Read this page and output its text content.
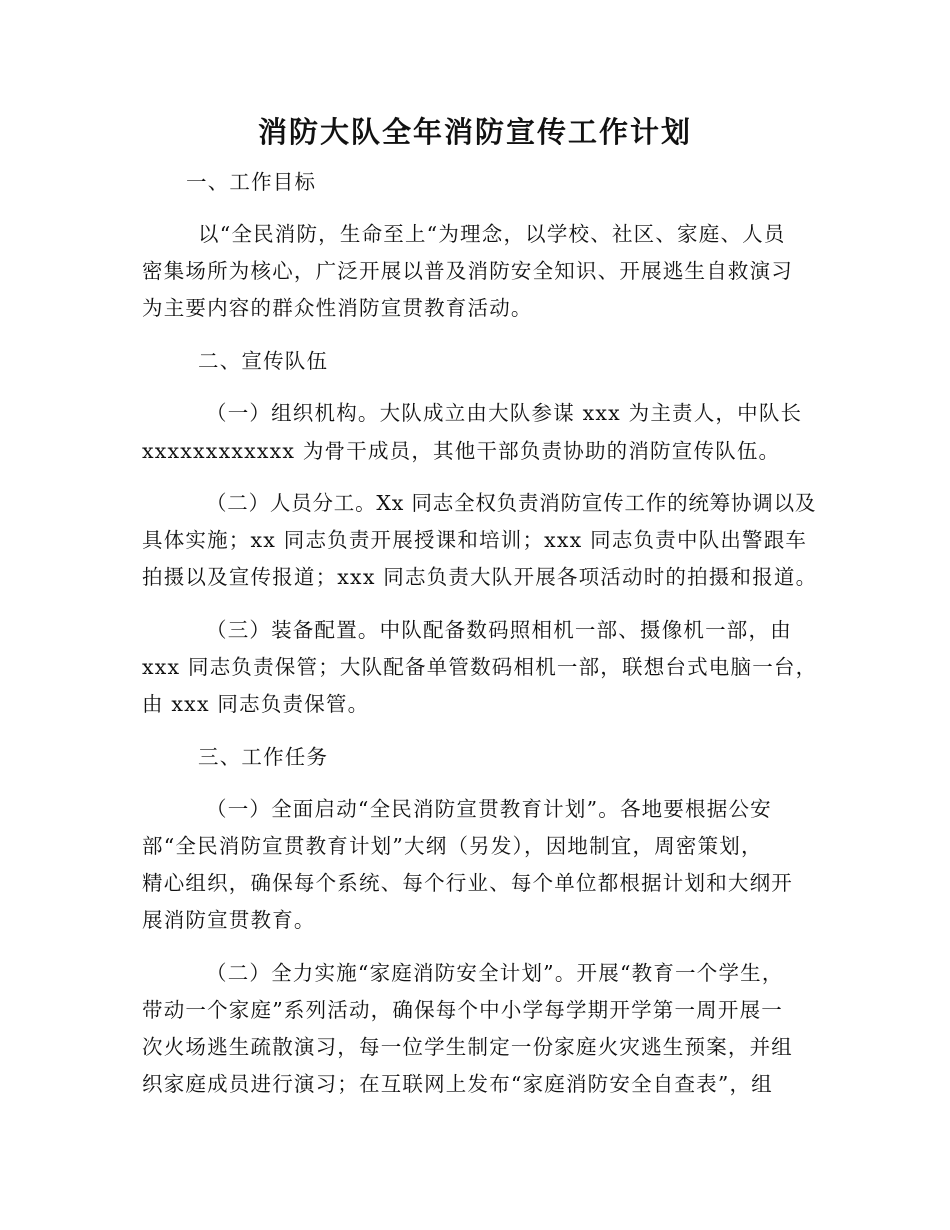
消防大队全年消防宣传工作计划
一、工作目标
以“全民消防，生命至上“为理念，以学校、社区、家庭、人员
密集场所为核心，广泛开展以普及消防安全知识、开展逃生自救演习
为主要内容的群众性消防宣贯教育活动。
二、宣传队伍
（一）组织机构。大队成立由大队参谋 xxx 为主责人，中队长
xxxxxxxxxxxx 为骨干成员，其他干部负责协助的消防宣传队伍。
（二）人员分工。Xx 同志全权负责消防宣传工作的统筹协调以及
具体实施；xx 同志负责开展授课和培训；xxx 同志负责中队出警跟车
拍摄以及宣传报道；xxx 同志负责大队开展各项活动时的拍摄和报道。
（三）装备配置。中队配备数码照相机一部、摄像机一部，由
xxx 同志负责保管；大队配备单管数码相机一部，联想台式电脑一台，
由 xxx 同志负责保管。
三、工作任务
（一）全面启动“全民消防宣贯教育计划”。各地要根据公安
部“全民消防宣贯教育计划”大纲（另发），因地制宜，周密策划，
精心组织，确保每个系统、每个行业、每个单位都根据计划和大纲开
展消防宣贯教育。
（二）全力实施“家庭消防安全计划”。开展“教育一个学生，
带动一个家庭”系列活动，确保每个中小学每学期开学第一周开展一
次火场逃生疏散演习，每一位学生制定一份家庭火灾逃生预案，并组
织家庭成员进行演习；在互联网上发布“家庭消防安全自查表”，组
